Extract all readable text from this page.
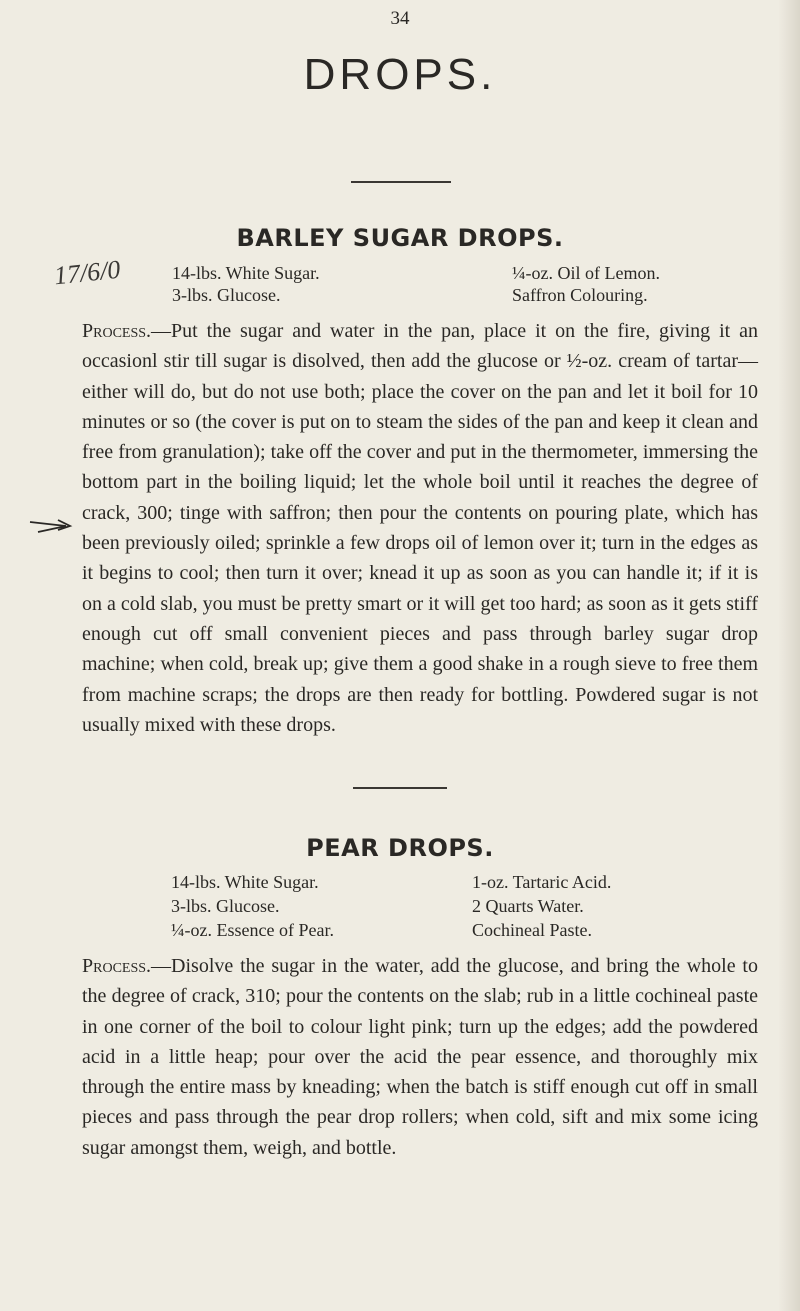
34
DROPS.
BARLEY SUGAR DROPS.
17/6/0	14-lbs. White Sugar.
3-lbs. Glucose.
¼-oz. Oil of Lemon.
Saffron Colouring.

Process.—Put the sugar and water in the pan, place it on the fire, giving it an occasionl stir till sugar is disolved, then add the glucose or ½-oz. cream of tartar—either will do, but do not use both; place the cover on the pan and let it boil for 10 minutes or so (the cover is put on to steam the sides of the pan and keep it clean and free from granulation); take off the cover and put in the thermometer, immersing the bottom part in the boiling liquid; let the whole boil until it reaches the degree of crack, 300; tinge with saffron; then pour the contents on pouring plate, which has been previously oiled; sprinkle a few drops oil of lemon over it; turn in the edges as it begins to cool; then turn it over; knead it up as soon as you can handle it; if it is on a cold slab, you must be pretty smart or it will get too hard; as soon as it gets stiff enough cut off small convenient pieces and pass through barley sugar drop machine; when cold, break up; give them a good shake in a rough sieve to free them from machine scraps; the drops are then ready for bottling. Powdered sugar is not usually mixed with these drops.

PEAR DROPS.
14-lbs. White Sugar.
3-lbs. Glucose.
¼-oz. Essence of Pear.
1-oz. Tartaric Acid.
2 Quarts Water.
Cochineal Paste.

Process.—Disolve the sugar in the water, add the glucose, and bring the whole to the degree of crack, 310; pour the contents on the slab; rub in a little cochineal paste in one corner of the boil to colour light pink; turn up the edges; add the powdered acid in a little heap; pour over the acid the pear essence, and thoroughly mix through the entire mass by kneading; when the batch is stiff enough cut off in small pieces and pass through the pear drop rollers; when cold, sift and mix some icing sugar amongst them, weigh, and bottle.
